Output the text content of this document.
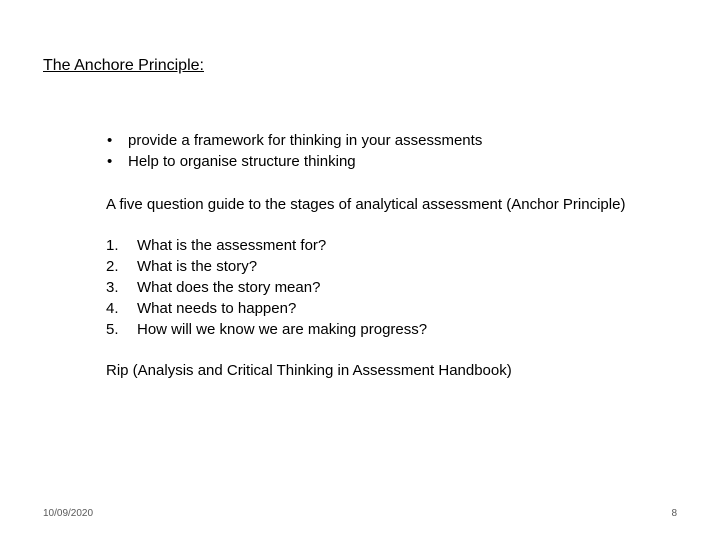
The Anchore Principle:
• provide a framework for thinking in your assessments
• Help to organise structure thinking
A five question guide to the stages of analytical assessment (Anchor Principle)
1. What is the assessment for?
2. What is the story?
3. What does the story mean?
4. What needs to happen?
5. How will we know we are making progress?
Rip (Analysis and Critical Thinking in Assessment Handbook)
10/09/2020	8
